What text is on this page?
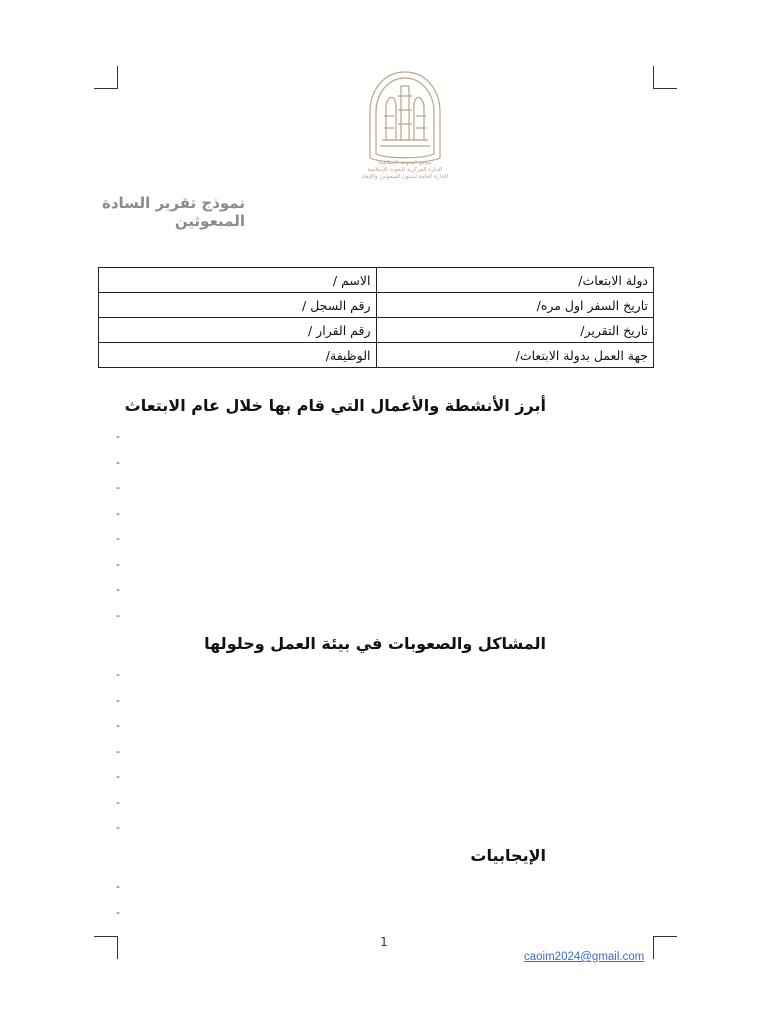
مجمع البحوث الإسلامية
الإدارة المركزية للبعوث الإسلامية
الإدارة العامة لشئون المبعوثين والإيفاد
نموذج تقرير السادة المبعوثين
دولة الابتعاث/	الاسم /
تاريخ السفر اول مره/	رقم السجل /
تاريخ التقرير/	رقم القرار /
جهة العمل بدولة الابتعاث/	الوظيفة/
أبرز الأنشطة والأعمال التي قام بها خلال عام الابتعاث
-
-
-
-
-
-
-
-
المشاكل والصعوبات في بيئة العمل وحلولها
-
-
-
-
-
-
-
الإيجابيات
-
-
1
caoim2024@gmail.com
